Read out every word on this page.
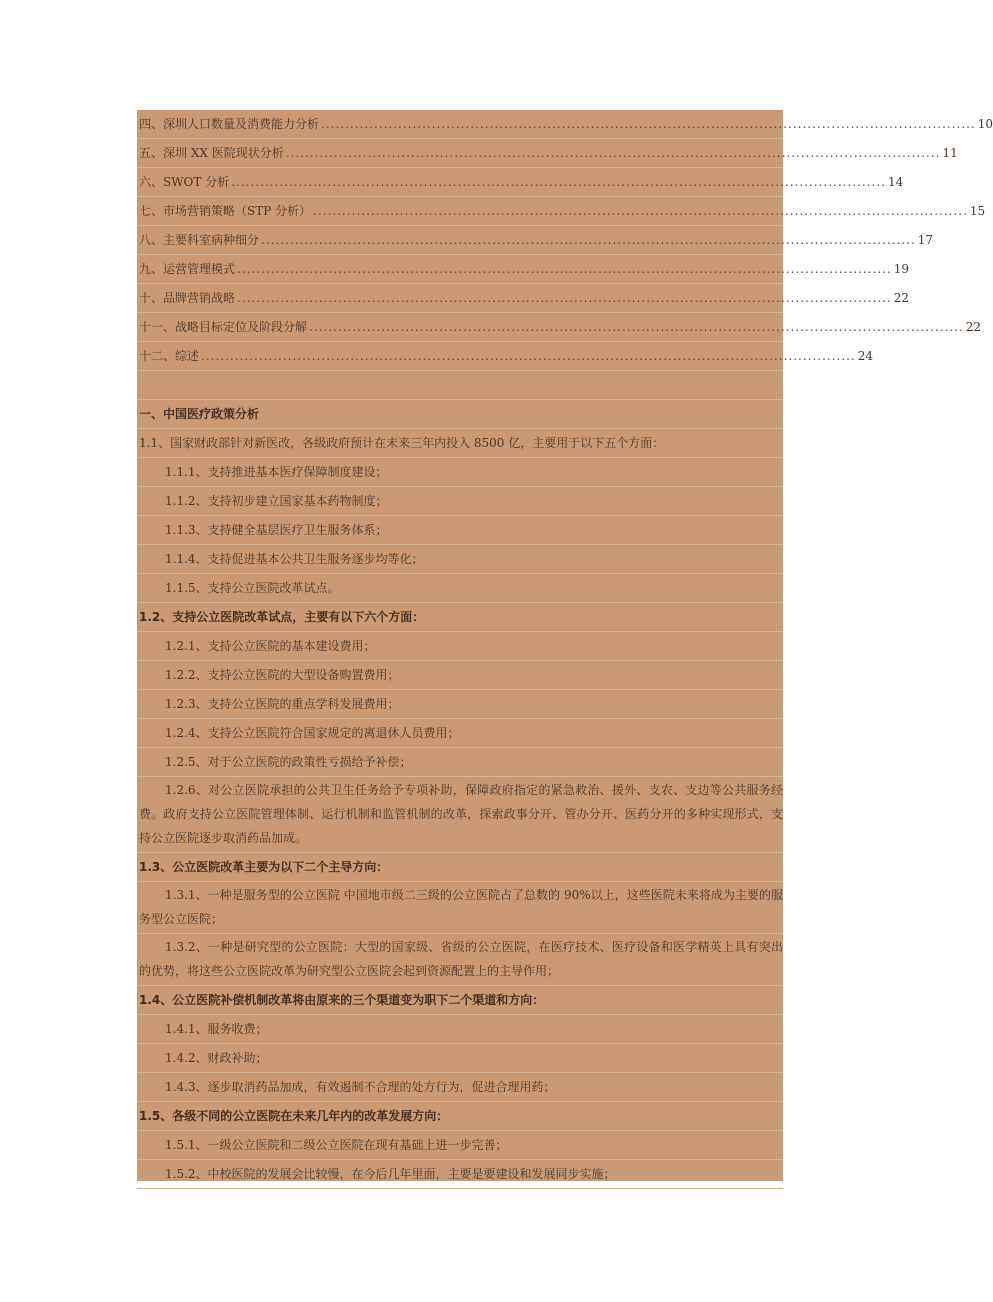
四、深圳人口数量及消费能力分析 ........................................................................................................................................ 10
五、深圳 XX 医院现状分析 ........................................................................................................................................ 11
六、SWOT 分析 ........................................................................................................................................ 14
七、市场营销策略（STP 分析） ........................................................................................................................................ 15
八、主要科室病种细分 ........................................................................................................................................ 17
九、运营管理模式 ........................................................................................................................................ 19
十、品牌营销战略 ........................................................................................................................................ 22
十一、战略目标定位及阶段分解 ........................................................................................................................................ 22
十二、综述 ........................................................................................................................................ 24
一、中国医疗政策分析
1.1、国家财政部针对新医改，各级政府预计在未来三年内投入 8500 亿，主要用于以下五个方面：
1.1.1、支持推进基本医疗保障制度建设；
1.1.2、支持初步建立国家基本药物制度；
1.1.3、支持健全基层医疗卫生服务体系；
1.1.4、支持促进基本公共卫生服务逐步均等化；
1.1.5、支持公立医院改革试点。
1.2、支持公立医院改革试点，主要有以下六个方面：
1.2.1、支持公立医院的基本建设费用；
1.2.2、支持公立医院的大型设备购置费用；
1.2.3、支持公立医院的重点学科发展费用；
1.2.4、支持公立医院符合国家规定的离退休人员费用；
1.2.5、对于公立医院的政策性亏损给予补偿；
1.2.6、对公立医院承担的公共卫生任务给予专项补助，保障政府指定的紧急救治、援外、支农、支边等公共服务经费。政府支持公立医院管理体制、运行机制和监管机制的改革，探索政事分开、管办分开、医药分开的多种实现形式，支持公立医院逐步取消药品加成。
1.3、公立医院改革主要为以下二个主导方向：
1.3.1、一种是服务型的公立医院 中国地市级二三级的公立医院占了总数的 90%以上，这些医院未来将成为主要的服务型公立医院；
1.3.2、一种是研究型的公立医院：大型的国家级、省级的公立医院，在医疗技术、医疗设备和医学精英上具有突出的优势，将这些公立医院改革为研究型公立医院会起到资源配置上的主导作用；
1.4、公立医院补偿机制改革将由原来的三个渠道变为职下二个渠道和方向：
1.4.1、服务收费；
1.4.2、财政补助；
1.4.3、逐步取消药品加成，有效遏制不合理的处方行为，促进合理用药；
1.5、各级不同的公立医院在未来几年内的改革发展方向：
1.5.1、一级公立医院和二级公立医院在现有基础上进一步完善；
1.5.2、中校医院的发展会比较慢，在今后几年里面，主要是要建设和发展同步实施；
